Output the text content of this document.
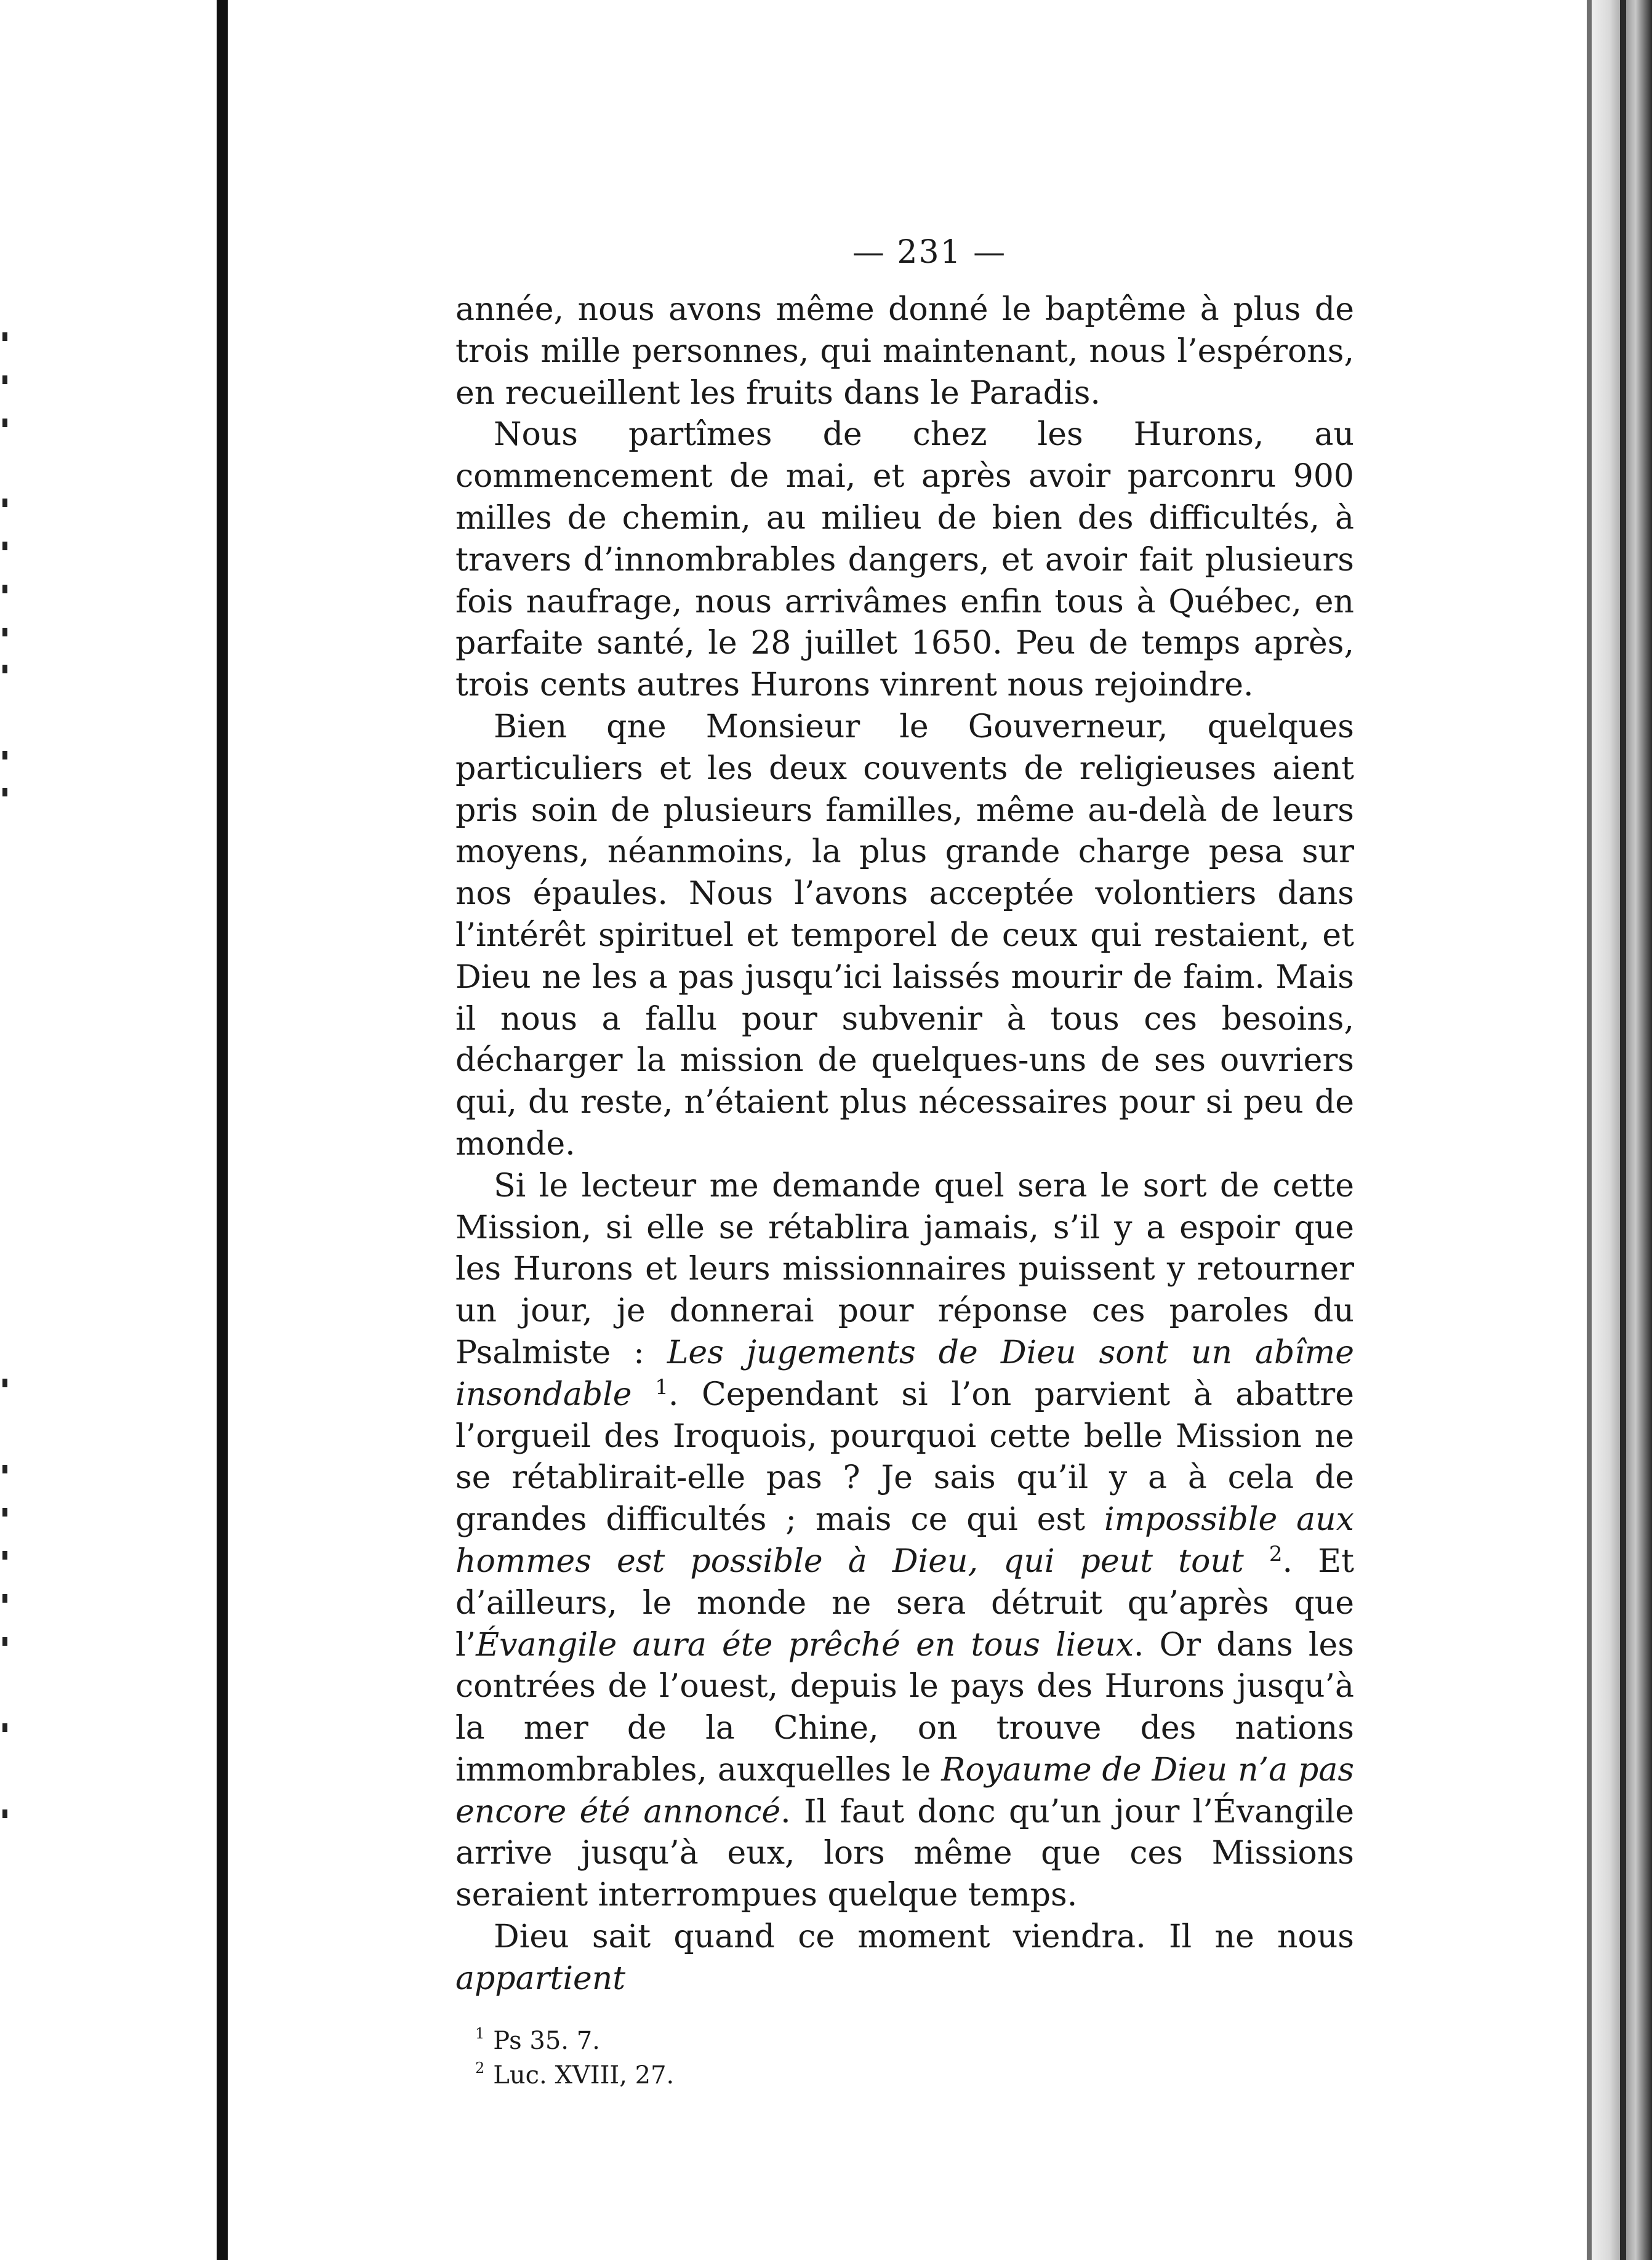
— 231 —

année, nous avons même donné le baptême à plus de trois mille personnes, qui maintenant, nous l’espérons, en recueillent les fruits dans le Paradis.

Nous partîmes de chez les Hurons, au commencement de mai, et après avoir parconru 900 milles de chemin, au milieu de bien des difficultés, à travers d’innombrables dangers, et avoir fait plusieurs fois naufrage, nous arrivâmes enfin tous à Québec, en parfaite santé, le 28 juillet 1650. Peu de temps après, trois cents autres Hurons vinrent nous rejoindre.

Bien qne Monsieur le Gouverneur, quelques particuliers et les deux couvents de religieuses aient pris soin de plusieurs familles, même au-delà de leurs moyens, néanmoins, la plus grande charge pesa sur nos épaules. Nous l’avons acceptée volontiers dans l’intérêt spirituel et temporel de ceux qui restaient, et Dieu ne les a pas jusqu’ici laissés mourir de faim. Mais il nous a fallu pour subvenir à tous ces besoins, décharger la mission de quelques-uns de ses ouvriers qui, du reste, n’étaient plus nécessaires pour si peu de monde.

Si le lecteur me demande quel sera le sort de cette Mission, si elle se rétablira jamais, s’il y a espoir que les Hurons et leurs missionnaires puissent y retourner un jour, je donnerai pour réponse ces paroles du Psalmiste : Les jugements de Dieu sont un abîme insondable $^1$. Cependant si l’on parvient à abattre l’orgueil des Iroquois, pourquoi cette belle Mission ne se rétablirait-elle pas ? Je sais qu’il y a à cela de grandes difficultés ; mais ce qui est impossible aux hommes est possible à Dieu, qui peut tout $^2$. Et d’ailleurs, le monde ne sera détruit qu’après que l’Évangile aura éte prêché en tous lieux. Or dans les contrées de l’ouest, depuis le pays des Hurons jusqu’à la mer de la Chine, on trouve des nations immombrables, auxquelles le Royaume de Dieu n’a pas encore été annoncé. Il faut donc qu’un jour l’Évangile arrive jusqu’à eux, lors même que ces Missions seraient interrompues quelque temps.

Dieu sait quand ce moment viendra. Il ne nous appartient

$^1$ Ps 35. 7.
$^2$ Luc. XVIII, 27.
